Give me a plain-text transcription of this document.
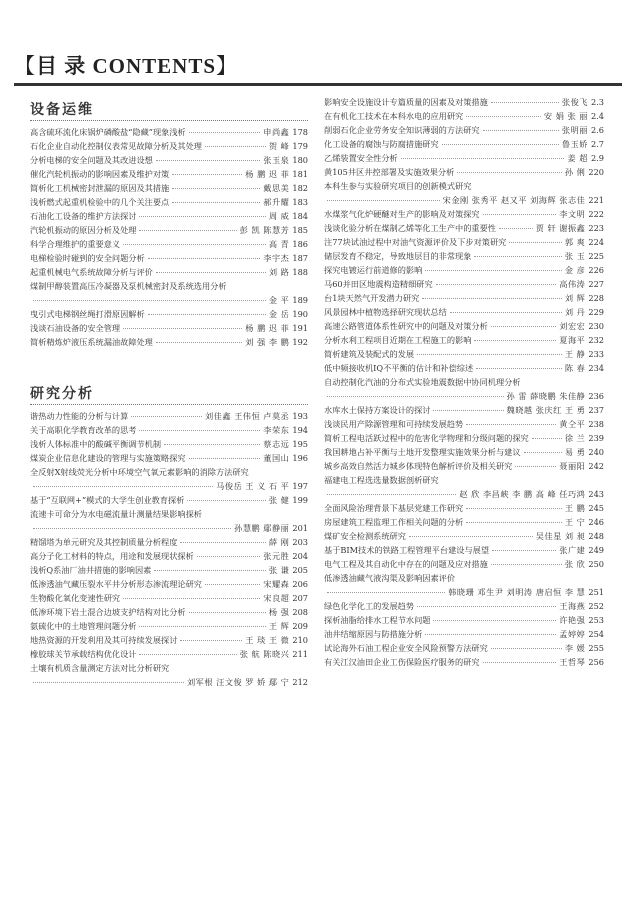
【目 录 CONTENTS】
设备运维
高含硫环流化床锅炉磷酸盐“隐藏”现象浅析	申尚鑫 178
石化企业自动化控制仪表常见故障分析及其处理	贺 峰 179
分析电梯的安全问题及其改进设想	张玉泉 180
催化汽轮机振动的影响因素及维护对策	杨 鹏 迟 菲 181
简析化工机械密封泄漏的原因及其措施	戴思美 182
浅析燃式起重机检验中的几个关注要点	郝升耀 183
石油化工设备的维护方法探讨	周 威 184
汽轮机振动的原因分析及处理	彭 凯 陈慧芳 185
科学合理维护的重要意义	高 青 186
电梯检验时碰到的安全问题分析	李宇杰 187
起重机械电气系统故障分析与评价	刘 路 188
煤制甲醇装置高压冷凝器及泵机械密封及系统选用分析
金 平 189
曳引式电梯钢丝绳打滑原因解析	金 岳 190
浅谈石油设备的安全管理	杨 鹏 迟 菲 191
简析精炼炉液压系统漏油故障处理	刘 强 李 鹏 192
研究分析
谐热动力性能的分析与计算	刘佳鑫 王伟恒 卢莫丞 193
关于高职化学教育改革的思考	李荣东 194
浅析人体标准中的酸碱平衡调节机制	蔡志远 195
煤炭企业信息化建设的管理与实施策略探究	董国山 196
全反射X射线荧光分析中环境空气氧元素影响的消除方法研究
马俊岳 王 义 石 平 197
基于“互联网+”模式的大学生创业教育探析	张 健 199
流速卡可命分为水电磁流量计测量结果影响探析
孙慧鹏 鄢静丽 201
精馏塔为单元研究及其控制质量分析程度	薛 刚 203
高分子化工材料的特点，用途和发展现状探析	张元胜 204
浅析Q系油厂油井措施的影响因素	张 谦 205
低渗透油气藏压裂水平井分析形态渗流理论研究	宋耀森 206
生物酸化氧化变速性研究	宋良超 207
低渗环境下岩土混合边坡支护结构对比分析	杨 强 208
氨硫化中的土地管理问题分析	王 辉 209
地热资源的开发利用及其可持续发展探讨	王 琰 王 微 210
橡胶球关节承载结构优化设计	张 航 陈晓兴 211
土壤有机质含量测定方法对比分析研究
刘军根 汪文俊 罗 娇 鄢 宁 212
影响安全设施设计专篇质量的因素及对策措施	张俊飞 2.3
在有机化工技术在本科水电的应用研究	安 娟 张 丽 2.4
削弱石化企业劳务安全知识薄弱的方法研究	张明丽 2.6
化工设备的腐蚀与防腐措施研究	鲁玉娇 2.7
乙烯装置安全性分析	姜 超 2.9
黄105井区井控部署及实施效果分析	孙 俐 220
本科生参与实验研究项目的创新模式研究
宋金刚 张秀平 赵又平 刘海辉 张志佳 221
水煤浆气化炉硬醚对生产的影响及对策探究	李文明 222
浅谈化验分析在煤制乙烯等化工生产中的重要性	贾 轩 谢振鑫 223
注77块试油过程中对油气资源评价及下步对策研究	郭 爽 224
储层发育不稳定，导致地层目的非常现象	张 玉 225
探究电镀运行前道修的影响	金 彦 226
马60并田区地震构造精细研究	高伟涛 227
台1块天然气开发潜力研究	刘 辉 228
风景园林中植物选择研究现状总结	刘 丹 229
高速公路管道体系性研究中的问题及对策分析	刘宏宏 230
分析水利工程项目近期在工程施工的影响	夏海平 232
简析建筑及装配式的发展	王 静 233
低中频接收机IQ不平衡的估计和补偿综述	陈 春 234
自动控制化汽油的分布式实验地震数据中协同机理分析
孙 雷 薛晓鹏 朱佳静 236
水库水土保持方案设计的探讨	魏晓越 张庆红 王 勇 237
浅谈民用产除源管理和可持续发展趋势	黄仝平 238
简析工程电活跃过程中的危害化学物理和分级问题的探究	徐 兰 239
我国耕地占补平衡与土地开发整理实施效果分析与建议	易 勇 240
城乡高效自然活力城乡体现特色解析评价及相关研究	聂丽阳 242
福建电工程选选量数据剖析研究
赵 欣 李昌峡 李 鹏 高 峰 任巧鸿 243
全面风险治理背景下基层党建工作研究	王 鹏 245
房屋建筑工程监理工作相关问题的分析	王 宁 246
煤矿安全检测系统研究	吴佳星 刘 昶 248
基于BIM技术的铁路工程管理平台建设与展望	张广建 249
电气工程及其自动化中存在的问题及应对措施	张 欣 250
低渗透油藏气液沟渠及影响因素评价
韩晓珊 邓生尹 刘明涛 唐启恒 李 慧 251
绿色化学化工的发展趋势	王海燕 252
探析油脂给排水工程节水问题	许艳强 253
油井结缩原因与防措施分析	孟婷婷 254
试论海外石油工程企业安全风险预警方法研究	李 媛 255
有关江汉油田企业工伤保险医疗服务的研究	王哲琴 256
